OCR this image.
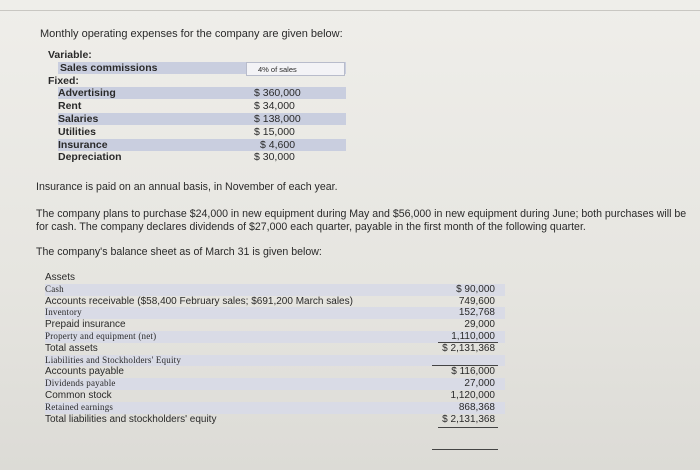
Monthly operating expenses for the company are given below:
Variable:
Sales commissions	4% of sales
Fixed:
Advertising	$ 360,000
Rent	$ 34,000
Salaries	$ 138,000
Utilities	$ 15,000
Insurance	$ 4,600
Depreciation	$ 30,000
Insurance is paid on an annual basis, in November of each year.
The company plans to purchase $24,000 in new equipment during May and $56,000 in new equipment during June; both purchases will be
for cash. The company declares dividends of $27,000 each quarter, payable in the first month of the following quarter.
The company's balance sheet as of March 31 is given below:
Assets
Cash	$ 90,000
Accounts receivable ($58,400 February sales; $691,200 March sales)	749,600
Inventory	152,768
Prepaid insurance	29,000
Property and equipment (net)	1,110,000
Total assets	$ 2,131,368
Liabilities and Stockholders' Equity
Accounts payable	$ 116,000
Dividends payable	27,000
Common stock	1,120,000
Retained earnings	868,368
Total liabilities and stockholders' equity	$ 2,131,368
